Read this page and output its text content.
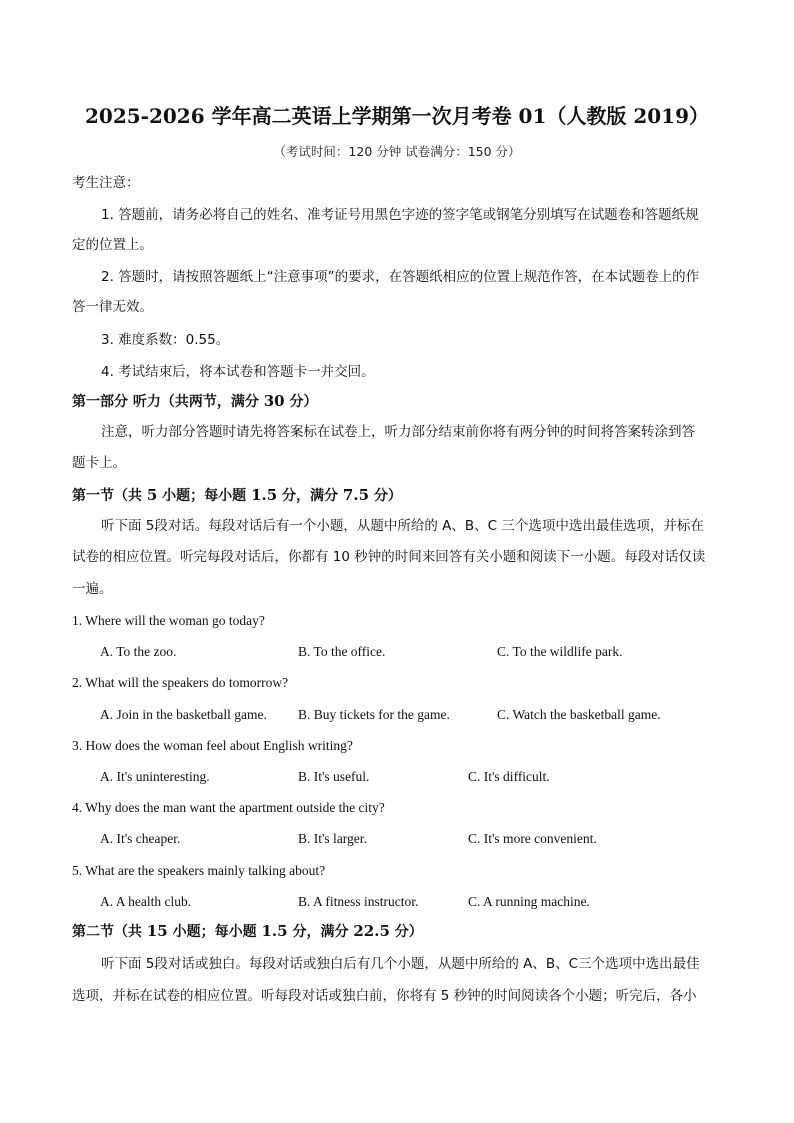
2025-2026 学年高二英语上学期第一次月考卷 01（人教版 2019）
（考试时间：120 分钟 试卷满分：150 分）
考生注意：
1. 答题前，请务必将自己的姓名、准考证号用黑色字迹的签字笔或钢笔分别填写在试题卷和答题纸规
定的位置上。
2. 答题时，请按照答题纸上“注意事项”的要求，在答题纸相应的位置上规范作答，在本试题卷上的作
答一律无效。
3. 难度系数：0.55。
4. 考试结束后，将本试卷和答题卡一并交回。
第一部分 听力（共两节，满分 30 分）
注意，听力部分答题时请先将答案标在试卷上，听力部分结束前你将有两分钟的时间将答案转涂到答
题卡上。
第一节（共 5 小题；每小题 1.5 分，满分 7.5 分）
听下面 5段对话。每段对话后有一个小题，从题中所给的 A、B、C 三个选项中选出最佳选项，并标在
试卷的相应位置。听完每段对话后，你都有 10 秒钟的时间来回答有关小题和阅读下一小题。每段对话仅读
一遍。
1. Where will the woman go today?
A. To the zoo.	B. To the office.	C. To the wildlife park.
2. What will the speakers do tomorrow?
A. Join in the basketball game. B. Buy tickets for the game.	C. Watch the basketball game.
3. How does the woman feel about English writing?
A. It's uninteresting.	B. It's useful.	C. It's difficult.
4. Why does the man want the apartment outside the city?
A. It's cheaper.	B. It's larger.	C. It's more convenient.
5. What are the speakers mainly talking about?
A. A health club.	B. A fitness instructor.	C. A running machine.
第二节（共 15 小题；每小题 1.5 分，满分 22.5 分）
听下面 5段对话或独白。每段对话或独白后有几个小题，从题中所给的 A、B、C三个选项中选出最佳
选项，并标在试卷的相应位置。听每段对话或独白前，你将有 5 秒钟的时间阅读各个小题；听完后，各小
